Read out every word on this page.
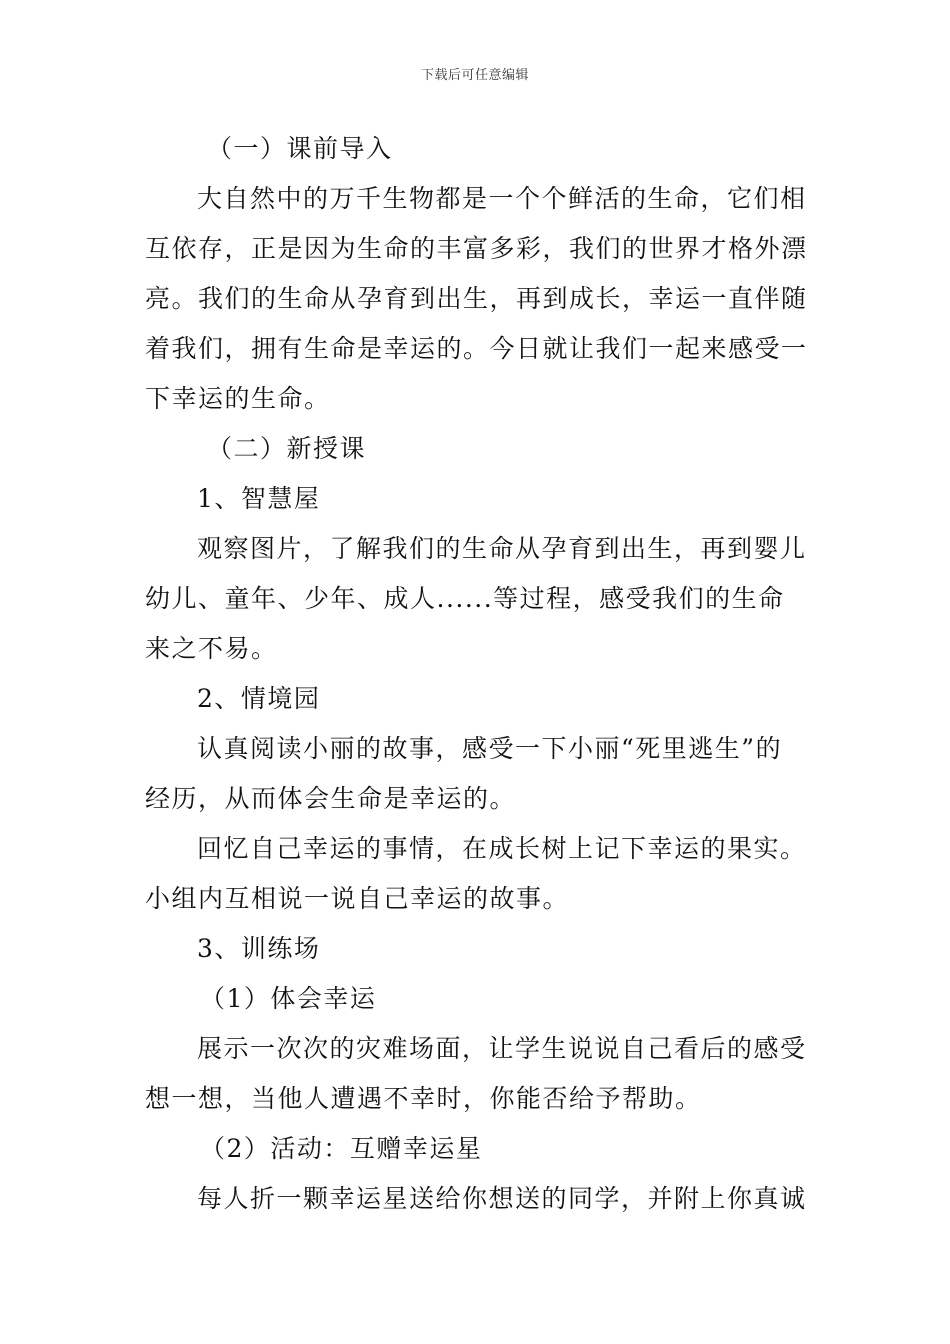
下载后可任意编辑
（一）课前导入
大自然中的万千生物都是一个个鲜活的生命，它们相
互依存，正是因为生命的丰富多彩，我们的世界才格外漂
亮。我们的生命从孕育到出生，再到成长，幸运一直伴随
着我们，拥有生命是幸运的。今日就让我们一起来感受一
下幸运的生命。
（二）新授课
1、智慧屋
观察图片，了解我们的生命从孕育到出生，再到婴儿
幼儿、童年、少年、成人......等过程，感受我们的生命
来之不易。
2、情境园
认真阅读小丽的故事，感受一下小丽“死里逃生”的
经历，从而体会生命是幸运的。
回忆自己幸运的事情，在成长树上记下幸运的果实。
小组内互相说一说自己幸运的故事。
3、训练场
（1）体会幸运
展示一次次的灾难场面，让学生说说自己看后的感受
想一想，当他人遭遇不幸时，你能否给予帮助。
（2）活动：互赠幸运星
每人折一颗幸运星送给你想送的同学，并附上你真诚
